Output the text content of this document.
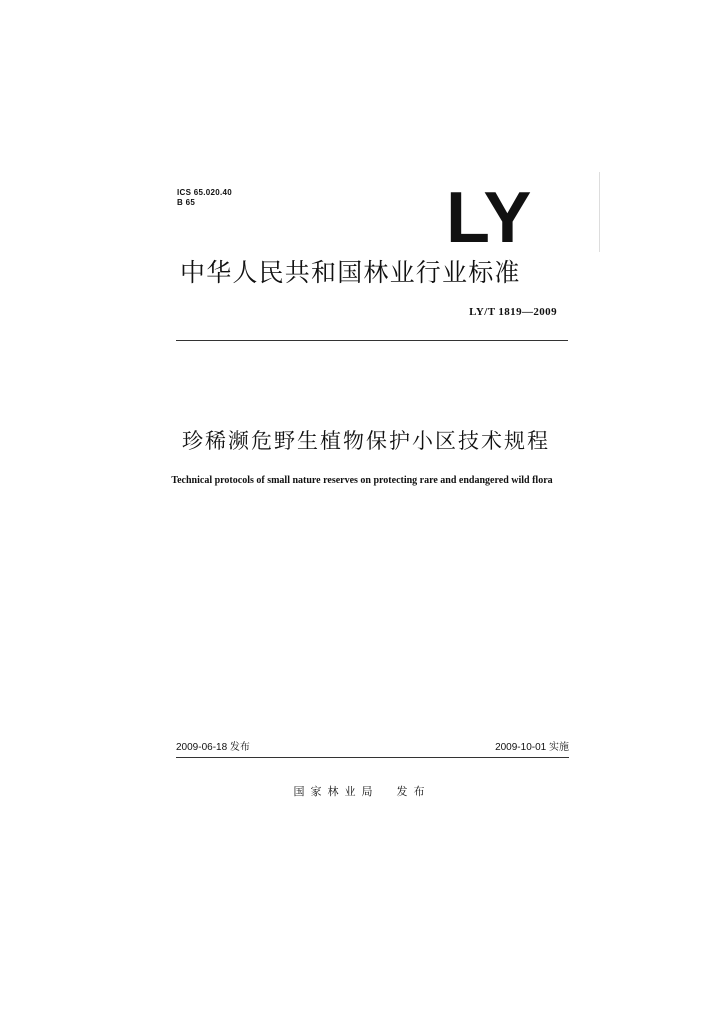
ICS 65.020.40
B 65	LY
中华人民共和国林业行业标准
LY/T 1819—2009
珍稀濒危野生植物保护小区技术规程
Technical protocols of small nature reserves on protecting rare and endangered wild flora
2009-06-18 发布	2009-10-01 实施
国家林业局 发布
